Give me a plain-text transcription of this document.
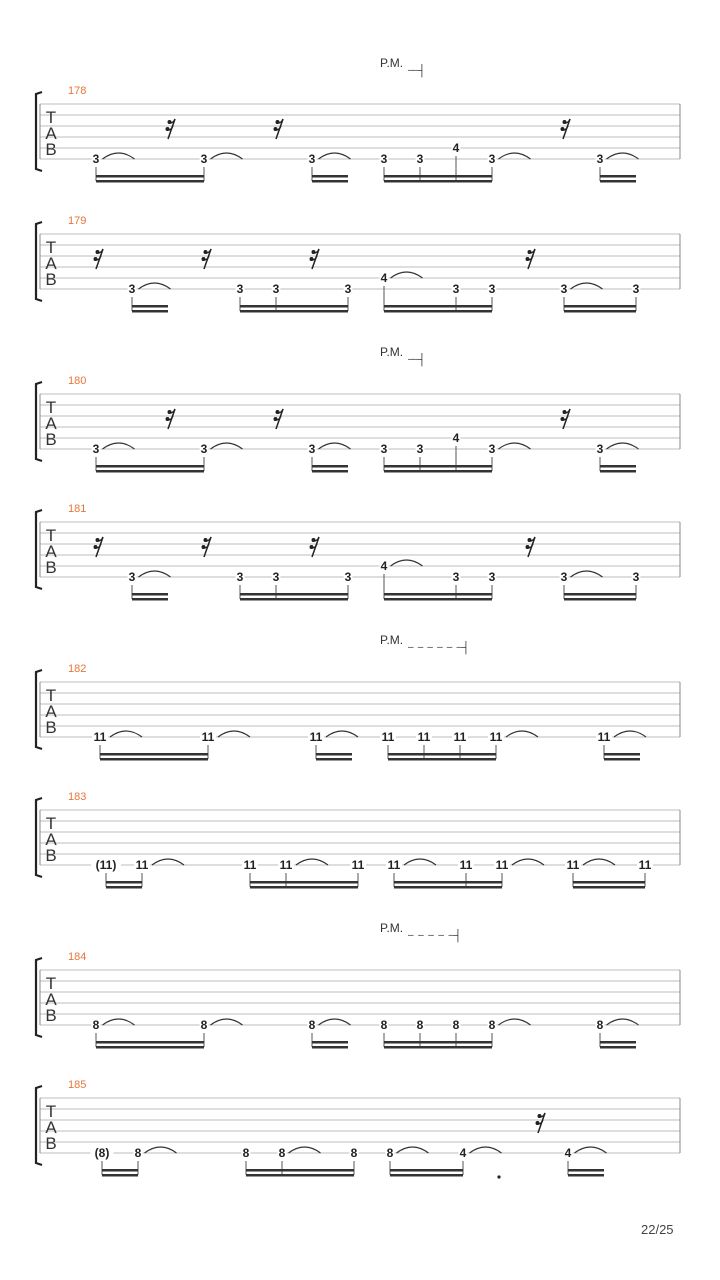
T
A
B
178
P.M.
– – ┤
3	3	3	3 3
4
3	3
T
A
B
179
3	3 3	3
4
3 3	3	3
T
A
B
180
P.M.
– – ┤
3	3	3	3 3
4
3	3
T
A
B
181
3	3 3	3
4
3 3	3	3
T
A
B
182
P.M.
– – – – – – ┤
11	11	11	11 11 11 11	11
T
A
B
183
(11) 11	11 11	11 11	11 11	11	11
T
A
B
184
P.M.
– – – – – ┤
8	8	8	8 8 8 8	8
T
A
B
185
(8) 8	8 8	8 8	4	4
22/25
